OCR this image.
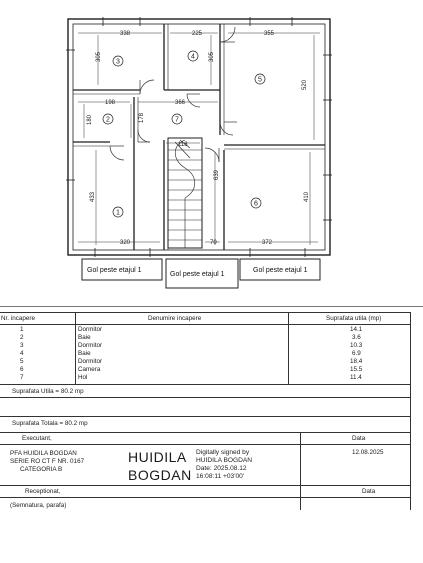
338	225	355
305	305
520
198	366
180	178
118
639
433	410
320	70	372
3
4
5
2	7
1
6
Gol peste etajul 1
Gol peste etajul 1
Gol peste etajul 1
Nr. incapere	Denumire incapere	Suprafata utila (mp)
1	Dormitor	14.1
2	Baie	3.6
3	Dormitor	10.3
4	Baie	6.9
5	Dormitor	18.4
6	Camera	15.5
7	Hol	11.4
Suprafata Utila = 80.2 mp
Suprafata Totala = 80.2 mp
Executant,	Data
PFA HUIDILA BOGDAN
SERIE RO CT F NR. 0167
CATEGORIA B
12.08.2025
HUIDILA
BOGDAN
Digitally signed by
HUIDILA BOGDAN
Date: 2025.08.12
16:08:11 +03'00'
Receptionat,	Data
(Semnatura, parafa)
